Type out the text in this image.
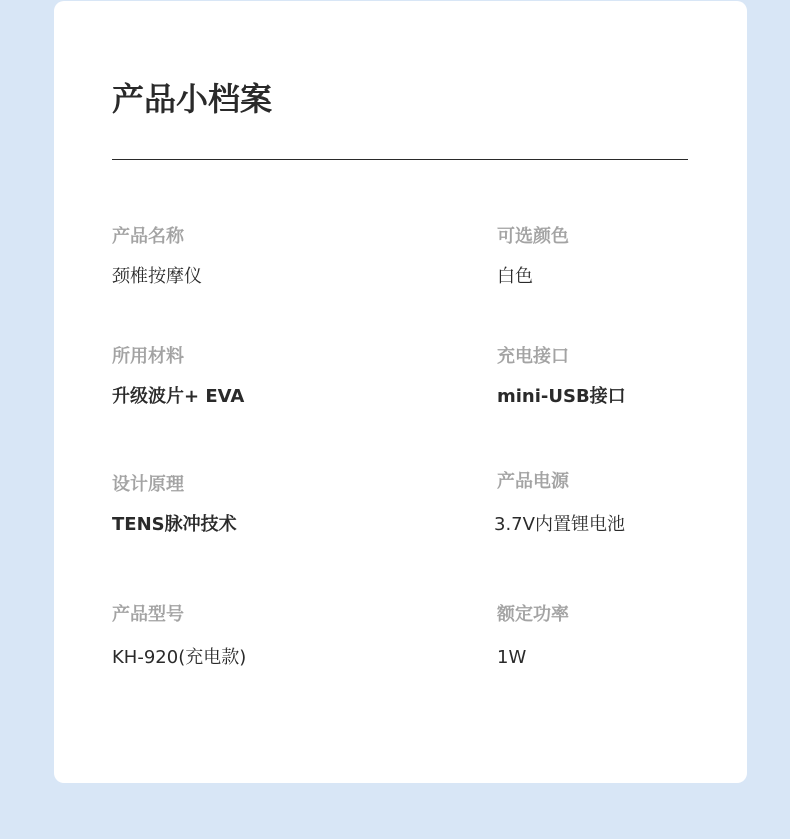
产品小档案
产品名称
颈椎按摩仪
可选颜色
白色
所用材料
升级波片+ EVA
充电接口
mini-USB接口
设计原理
TENS脉冲技术
产品电源
3.7V内置锂电池
产品型号
KH-920(充电款)
额定功率
1W
